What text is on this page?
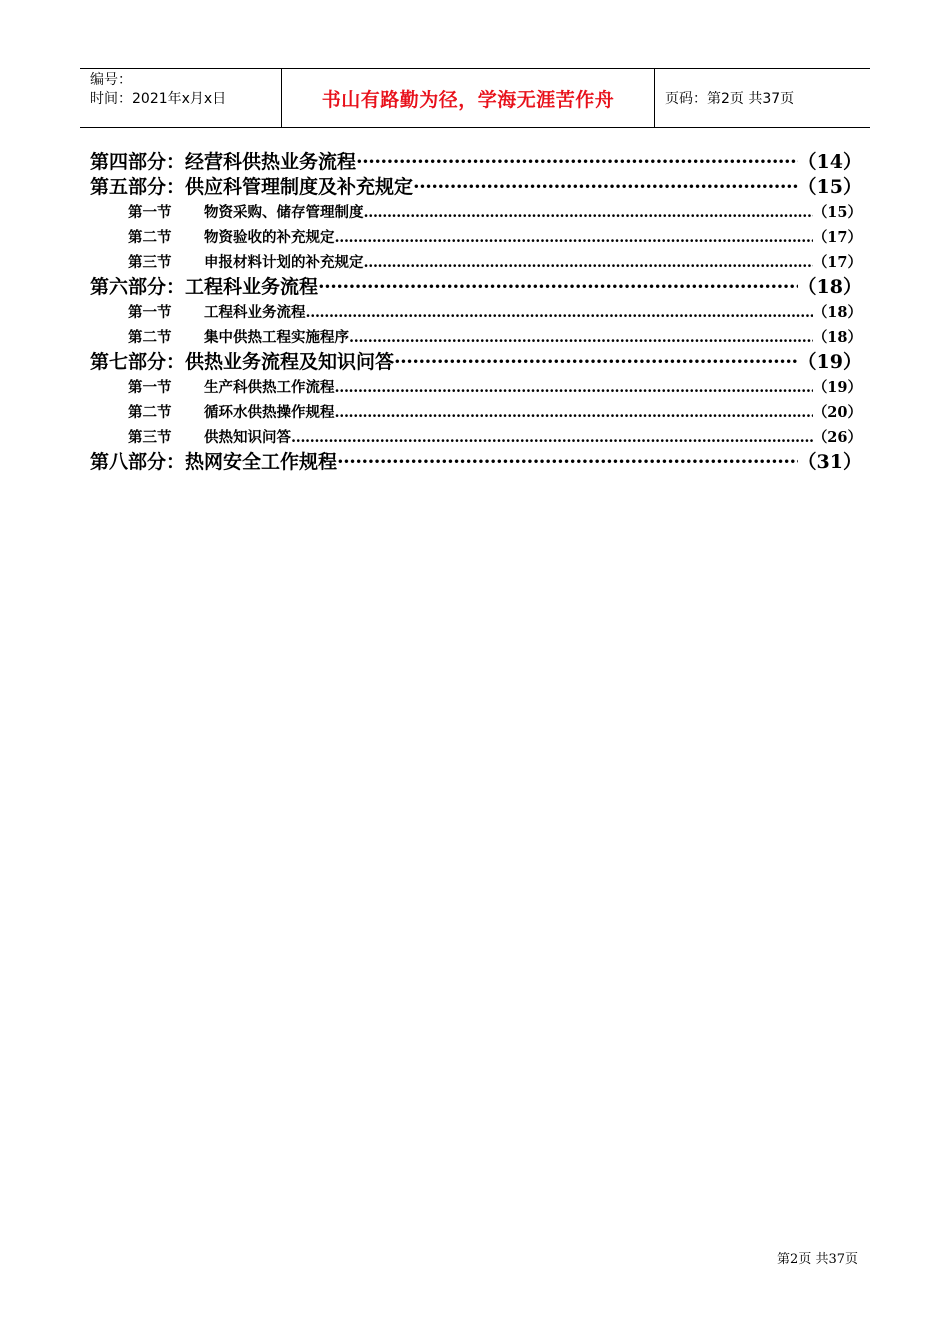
编号：
时间：2021年x月x日	书山有路勤为径，学海无涯苦作舟	页码：第2页 共37页
第四部分：经营科供热业务流程 ·····	（14）
第五部分：供应科管理制度及补充规定 ·····	（15）
第一节 物资采购、储存管理制度 …………………………………………………………………………………………………………………………………………………………………………………………	（15）
第二节 物资验收的补充规定 …………………………………………………………………………………………………………………………………………………………………………………………	（17）
第三节 申报材料计划的补充规定 …………………………………………………………………………………………………………………………………………………………………………………………	（17）
第六部分：工程科业务流程 ·····	（18）
第一节 工程科业务流程 …………………………………………………………………………………………………………………………………………………………………………………………	（18）
第二节 集中供热工程实施程序 …………………………………………………………………………………………………………………………………………………………………………………………	（18）
第七部分：供热业务流程及知识问答 ·····	（19）
第一节 生产科供热工作流程 …………………………………………………………………………………………………………………………………………………………………………………………	（19）
第二节 循环水供热操作规程 …………………………………………………………………………………………………………………………………………………………………………………………	（20）
第三节 供热知识问答 …………………………………………………………………………………………………………………………………………………………………………………………	（26）
第八部分：热网安全工作规程 ·····	（31）
第2页 共37页
